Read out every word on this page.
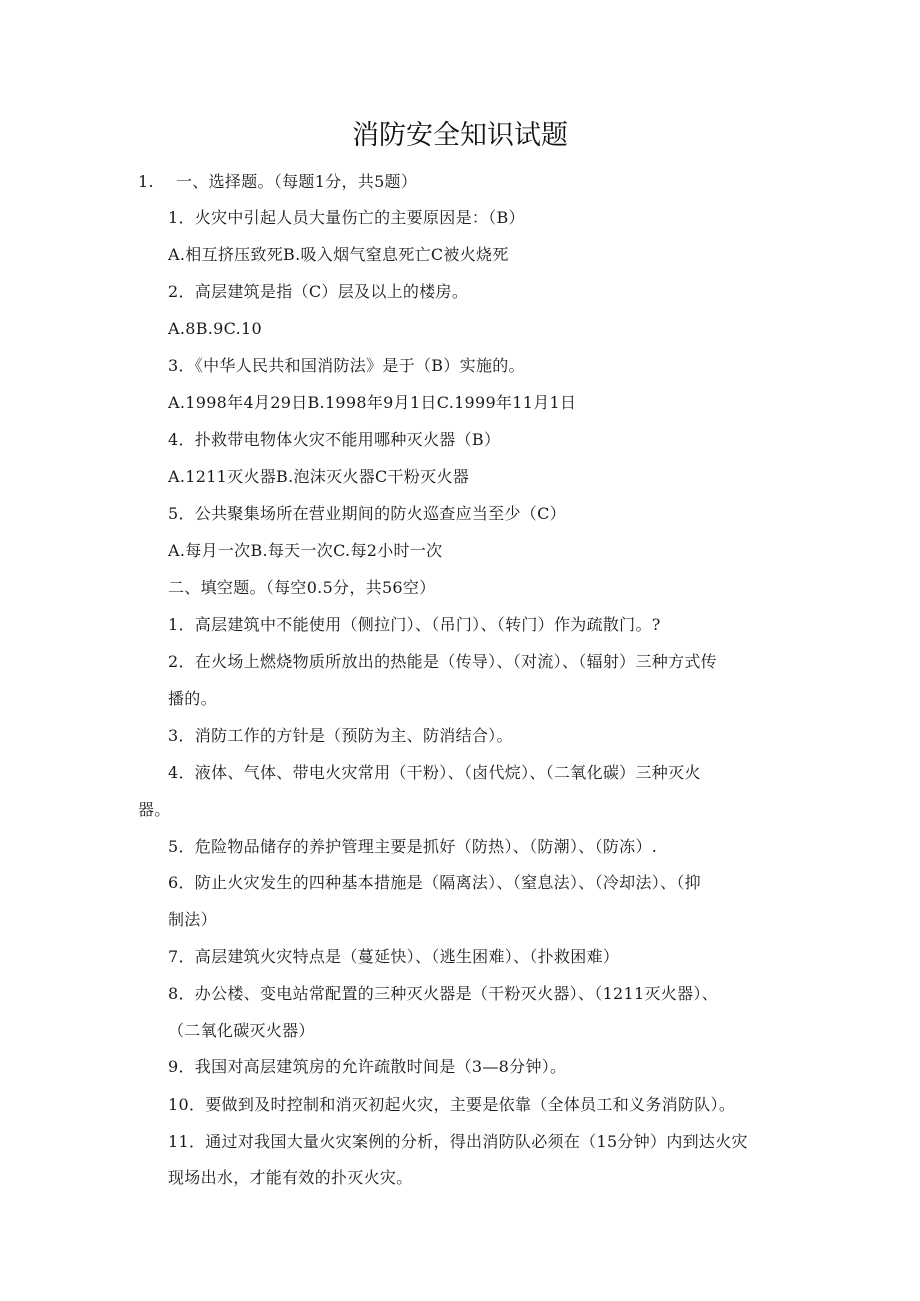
消防安全知识试题
1. 一、选择题。（每题1分，共5题）
1．火灾中引起人员大量伤亡的主要原因是：（B）
A.相互挤压致死B.吸入烟气窒息死亡C被火烧死
2．高层建筑是指（C）层及以上的楼房。
A.8B.9C.10
3．《中华人民共和国消防法》是于（B）实施的。
A.1998年4月29日B.1998年9月1日C.1999年11月1日
4．扑救带电物体火灾不能用哪种灭火器（B）
A.1211灭火器B.泡沫灭火器C干粉灭火器
5．公共聚集场所在营业期间的防火巡查应当至少（C）
A.每月一次B.每天一次C.每2小时一次
二、填空题。（每空0.5分，共56空）
1．高层建筑中不能使用（侧拉门）、（吊门）、（转门）作为疏散门。?
2．在火场上燃烧物质所放出的热能是（传导）、（对流）、（辐射）三种方式传
播的。
3．消防工作的方针是（预防为主、防消结合）。
4．液体、气体、带电火灾常用（干粉）、（卤代烷）、（二氧化碳）三种灭火
器。
5．危险物品储存的养护管理主要是抓好（防热）、（防潮）、（防冻）.
6．防止火灾发生的四种基本措施是（隔离法）、（窒息法）、（冷却法）、（抑
制法）
7．高层建筑火灾特点是（蔓延快）、（逃生困难）、（扑救困难）
8．办公楼、变电站常配置的三种灭火器是（干粉灭火器）、（1211灭火器）、
（二氧化碳灭火器）
9．我国对高层建筑房的允许疏散时间是（3—8分钟）。
10．要做到及时控制和消灭初起火灾，主要是依靠（全体员工和义务消防队）。
11．通过对我国大量火灾案例的分析，得出消防队必须在（15分钟）内到达火灾
现场出水，才能有效的扑灭火灾。
